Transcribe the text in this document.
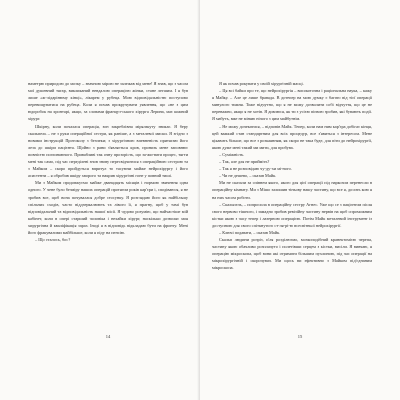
наметрю природою до мозку – значною мірою не залежав від мене! Я знав, що з часом мої душевний тягар, викликаний невдалою операцією жінки, стане легшим. І я був лише «ж-лідарінюму кінці», лікарем у рубеца. Мою відповідальністю поступово перевищуватися на рубеца. Коли я почав прокручувати уявлення, що «не з цим юдоробок на хронтарі, якщо, за словами француз-ського хірурга Лерина, має кожний хірург.

Шкірну, коли почалася операція, зон закреблівна міряльчуту зникає. Я беру скальпель – не з руки операційної сестри, як раніше, а з металевої миски. Я згідно з новими інструкцій Протоколу з безпеки; з хірургічною впевненість притягаю його леза до шкіри пацієнта. Щойно з рани з'являється кров, пронизь мене заповнює повністю поглинаючого. Привабливі так очну прозорість, що за-жи-вати процес, тягти мені так само, під час переділені знов знову пересвідчитися з операційною сестрою та з Майком – скоро пройдуться впритул то тасуючи майже нейрохірургу і його асистенти – я обробив шкіру хворого та накрив хірургічні гоне у повний тиші.

Ми з Майком продовжуємо майже дванадцять місяців і нормою звичення одна одного. У чене було безміру наших операцій протягом років кар'єри і, сподіваюся, я не зробив все, щоб вона почувалася добре стосунку. Я розглядаю його як найбільшу спільних сходів, часто віддзеркалюють та лівого її, я прагну, щоб у тамі був відповідальний та відповідальність нашої місії. Я чудово розумію, що найчастіше мій кабінет, коли в опері старший чоловіка і нехайки хірург, наскільки дозволяє моя хирургічна й кваліфікація зараз. Іноді я в відповідь відкладаю бути на фронту. Мені його фракувалими майбільше, коли я піду на пенсію.

– Що сталось, бос?

14

Я як почав рокувати у своїй хірургічній масці.

– Ця всі байки про те, що нейрохірургія – високоточна і раціональна наука, – кажу я Майку. – Але це лише бравада. В дотепер на мою думку є багато від тієї операції минулого тижня. Тоже відчутно, що я не можу дозволити собі відчуття, що це не переважно, якщо я не хотів. Я дивлюся, як ти з усією пієвою зробив, які бувають події. Я мабуть, вже не міняю нічого з цим майбутнім.

– Не можу дочекатися, – відповів Майк. Тепер, коли нам ним кар'єра добігає кінця, цей важкий стан стандартним для всіх процедур, все з'явиться з інтересом. Мене цікавить більше, що все з розкаянням, як скоро не така буде, для піти до нейрохірургії, якою дуже мені такий ми мити, для пробува.

– Суміжність.

– Так, але для не прийміть?

– Так я не розповідаю чу-ду-хи мі-ного.

– Чи не дешево, – сказав Майк.

Ми не сказали за співнем якого, якого для цієї операції під наркозом перенесли в операційну кімнату. Ми з Мішо залишив тіньову нашу частину, що все я, досить кою я на них часом роботи.

– Скальпель, – попросила в операційну сестру Агнес. Уже що се з пацієнтом після свого нервово тішного, і замадно зробив ревізійну частину нервів на щоб спроможним кістки якою з часу тепер і лазерною операцією. Потім Майк металевий інструмент із доступною для свого спіткнутого ст-ля-рі-ю всесвітньої нейрохірургії.

– Ключі подавати, – сказав Майк.

Скальп людини розріз, и'ля розділюємо, мозкоподібний кранектомією черепа, частину якою обачливо розплачуто і полетівши серцем з кістки, висіли. Я вивчаю, я операцію мікроскопа, щоб вони які отримати більшим пухлиною, під час операції на мікрохірургічній і скорочувач. Ми щось ви ефективно з Майком під'єднаним мікроскопа.

15
